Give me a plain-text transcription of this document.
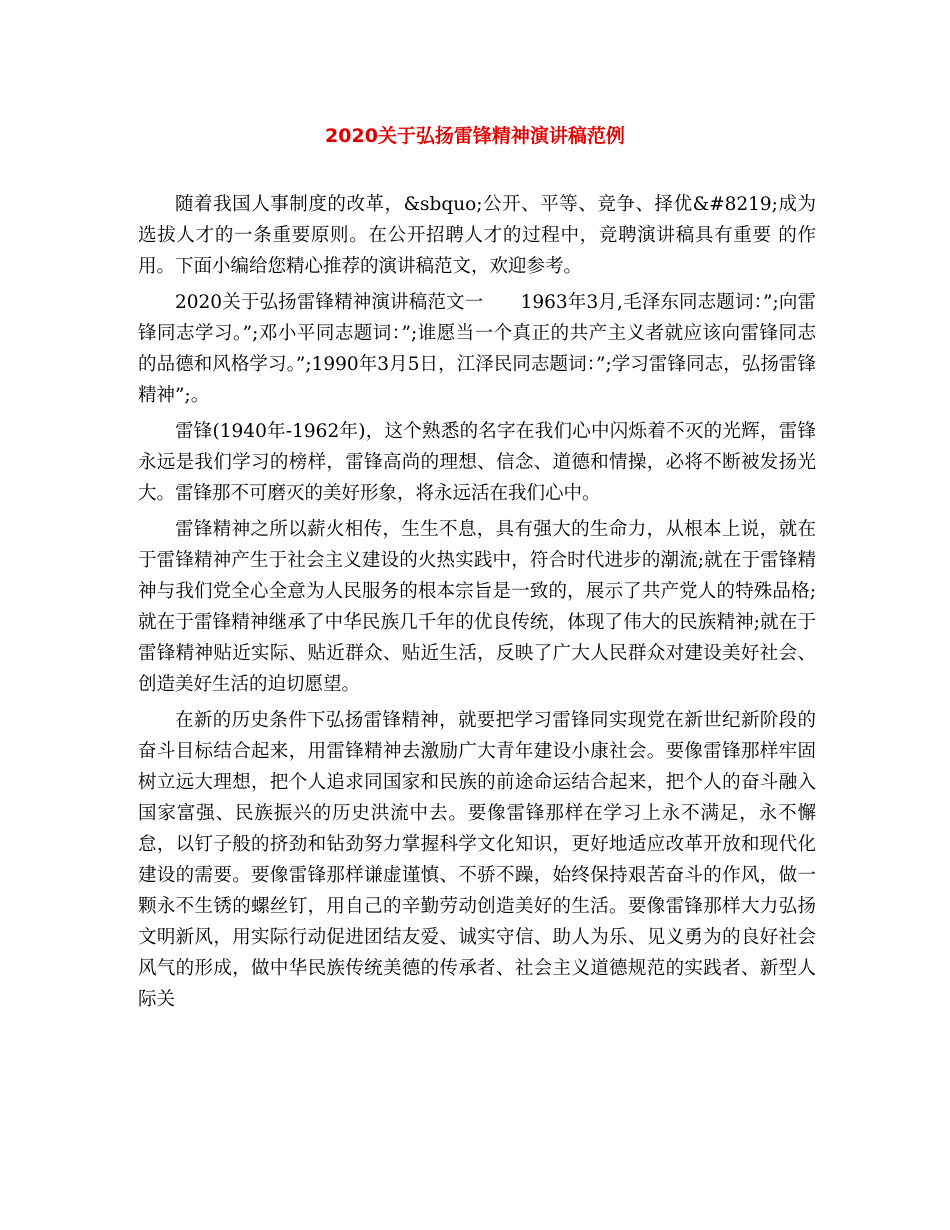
2020关于弘扬雷锋精神演讲稿范例

随着我国人事制度的改革，&sbquo;公开、平等、竞争、择优&#8219;成为选拔人才的一条重要原则。在公开招聘人才的过程中，竞聘演讲稿具有重要 的作用。下面小编给您精心推荐的演讲稿范文，欢迎参考。

2020关于弘扬雷锋精神演讲稿范文一　　1963年3月,毛泽东同志题词：”;向雷锋同志学习。”;邓小平同志题词：”;谁愿当一个真正的共产主义者就应该向雷锋同志的品德和风格学习。”;1990年3月5日，江泽民同志题词：”;学习雷锋同志，弘扬雷锋精神”;。

雷锋(1940年-1962年)，这个熟悉的名字在我们心中闪烁着不灭的光辉，雷锋永远是我们学习的榜样，雷锋高尚的理想、信念、道德和情操，必将不断被发扬光大。雷锋那不可磨灭的美好形象，将永远活在我们心中。

雷锋精神之所以薪火相传，生生不息，具有强大的生命力，从根本上说，就在于雷锋精神产生于社会主义建设的火热实践中，符合时代进步的潮流;就在于雷锋精神与我们党全心全意为人民服务的根本宗旨是一致的，展示了共产党人的特殊品格;就在于雷锋精神继承了中华民族几千年的优良传统，体现了伟大的民族精神;就在于雷锋精神贴近实际、贴近群众、贴近生活，反映了广大人民群众对建设美好社会、创造美好生活的迫切愿望。

在新的历史条件下弘扬雷锋精神，就要把学习雷锋同实现党在新世纪新阶段的奋斗目标结合起来，用雷锋精神去激励广大青年建设小康社会。要像雷锋那样牢固树立远大理想，把个人追求同国家和民族的前途命运结合起来，把个人的奋斗融入国家富强、民族振兴的历史洪流中去。要像雷锋那样在学习上永不满足，永不懈怠，以钉子般的挤劲和钻劲努力掌握科学文化知识，更好地适应改革开放和现代化建设的需要。要像雷锋那样谦虚谨慎、不骄不躁，始终保持艰苦奋斗的作风，做一颗永不生锈的螺丝钉，用自己的辛勤劳动创造美好的生活。要像雷锋那样大力弘扬文明新风，用实际行动促进团结友爱、诚实守信、助人为乐、见义勇为的良好社会风气的形成，做中华民族传统美德的传承者、社会主义道德规范的实践者、新型人际关
